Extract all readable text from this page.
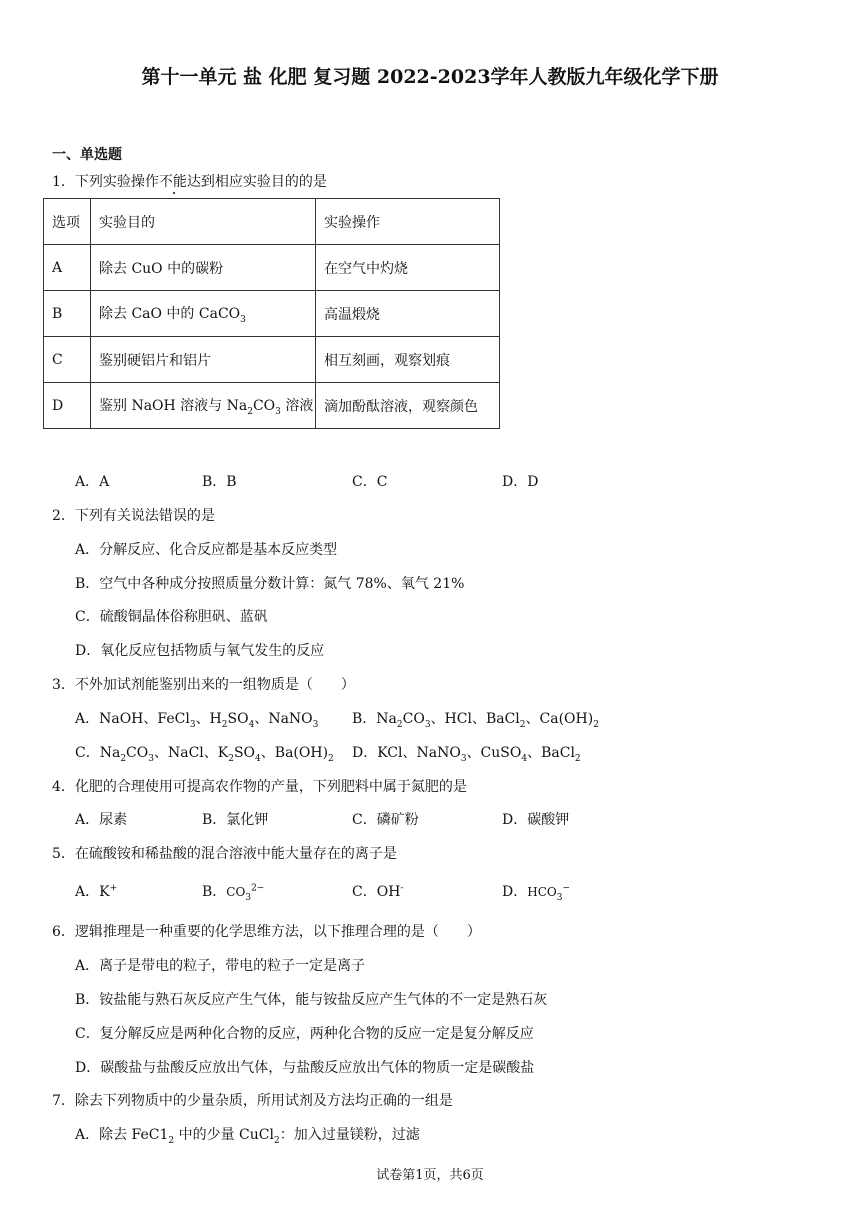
第十一单元 盐 化肥 复习题 2022-2023学年人教版九年级化学下册
一、单选题
1．下列实验操作不能达到相应实验目的的是
选项	实验目的	实验操作
A	除去 CuO 中的碳粉	在空气中灼烧
B	除去 CaO 中的 CaCO$_3$	高温煅烧
C	鉴别硬铝片和铝片	相互刻画，观察划痕
D	鉴别 NaOH 溶液与 $Na_2CO_3$ 溶液	滴加酚酞溶液，观察颜色
A．A	B．B	C．C	D．D
2．下列有关说法错误的是
A．分解反应、化合反应都是基本反应类型
B．空气中各种成分按照质量分数计算：氮气 78%、氧气 21%
C．硫酸铜晶体俗称胆矾、蓝矾
D．氧化反应包括物质与氧气发生的反应
3．不外加试剂能鉴别出来的一组物质是（　　）
A．NaOH、FeCl$_3$、$H_2SO_4$、NaNO$_3$ B．$Na_2CO_3$、HCl、BaCl$_2$、$Ca(OH)_2$
C．$Na_2CO_3$、NaCl、$K_2SO_4$、$Ba(OH)_2$ D．KCl、NaNO$_3$、CuSO$_4$、BaCl$_2$
4．化肥的合理使用可提高农作物的产量，下列肥料中属于氮肥的是
A．尿素	B．氯化钾	C．磷矿粉	D．碳酸钾
5．在硫酸铵和稀盐酸的混合溶液中能大量存在的离子是
A．K+	B．$CO_3^{2-}$	C．OH-	D．$HCO_3^-$
6．逻辑推理是一种重要的化学思维方法，以下推理合理的是（　　）
A．离子是带电的粒子，带电的粒子一定是离子
B．铵盐能与熟石灰反应产生气体，能与铵盐反应产生气体的不一定是熟石灰
C．复分解反应是两种化合物的反应，两种化合物的反应一定是复分解反应
D．碳酸盐与盐酸反应放出气体，与盐酸反应放出气体的物质一定是碳酸盐
7．除去下列物质中的少量杂质，所用试剂及方法均正确的一组是
A．除去 $FeC1_2$ 中的少量 CuCl$_2$：加入过量镁粉，过滤
试卷第1页，共6页
